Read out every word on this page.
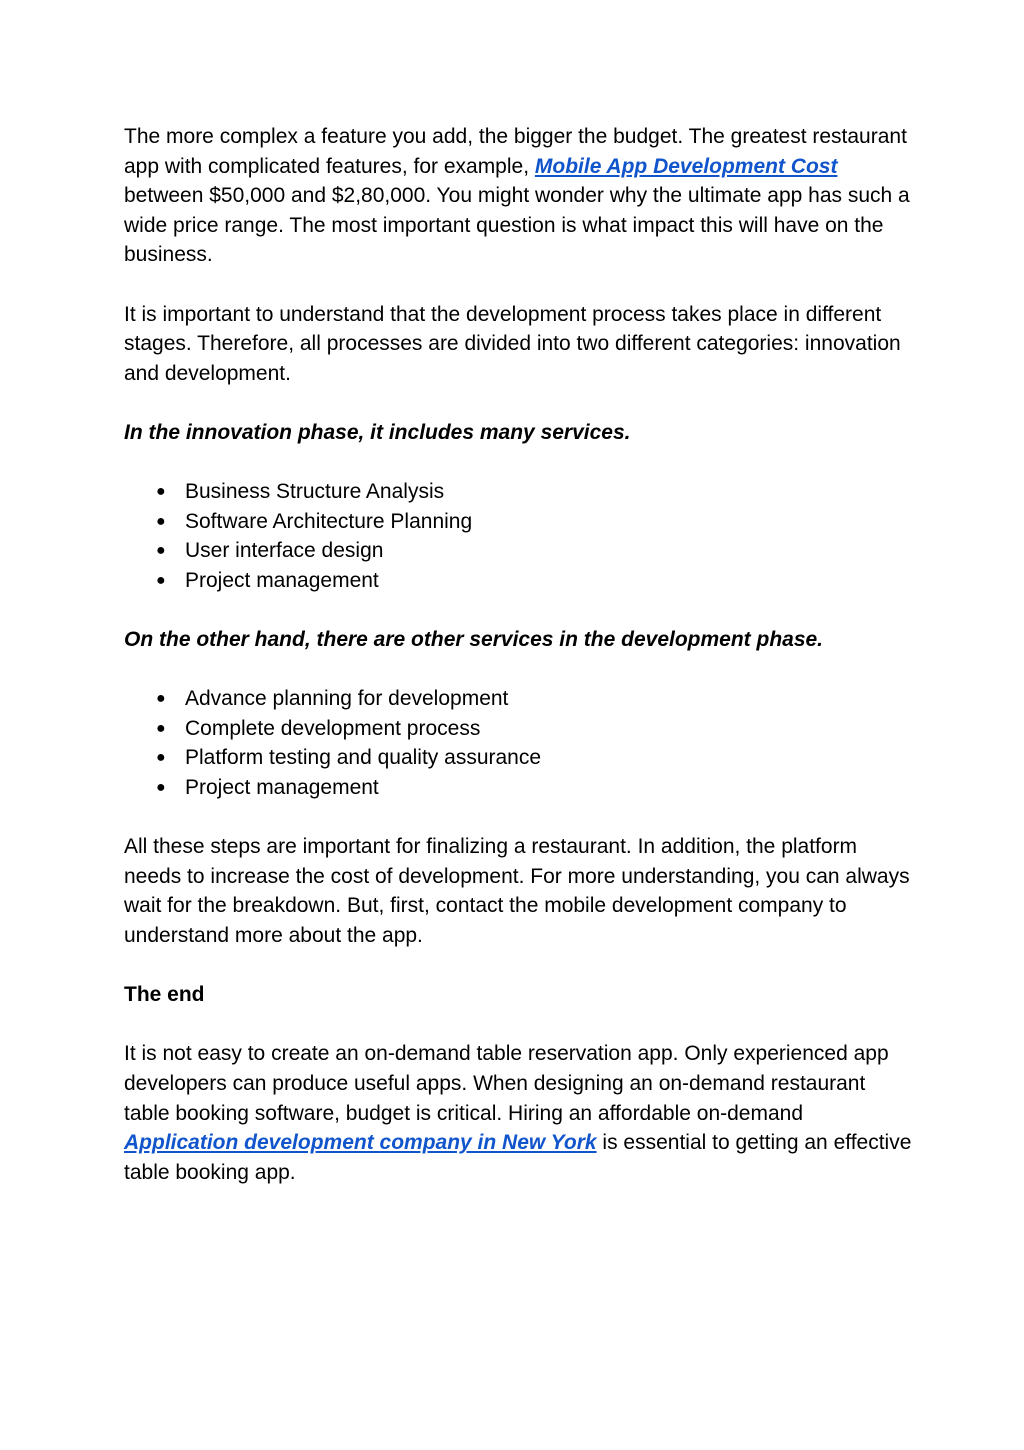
The more complex a feature you add, the bigger the budget. The greatest restaurant app with complicated features, for example, Mobile App Development Cost between $50,000 and $2,80,000. You might wonder why the ultimate app has such a wide price range. The most important question is what impact this will have on the business.

It is important to understand that the development process takes place in different stages. Therefore, all processes are divided into two different categories: innovation and development.

In the innovation phase, it includes many services.

● Business Structure Analysis
● Software Architecture Planning
● User interface design
● Project management

On the other hand, there are other services in the development phase.

● Advance planning for development
● Complete development process
● Platform testing and quality assurance
● Project management

All these steps are important for finalizing a restaurant. In addition, the platform needs to increase the cost of development. For more understanding, you can always wait for the breakdown. But, first, contact the mobile development company to understand more about the app.

The end

It is not easy to create an on-demand table reservation app. Only experienced app developers can produce useful apps. When designing an on-demand restaurant table booking software, budget is critical. Hiring an affordable on-demand Application development company in New York is essential to getting an effective table booking app.
